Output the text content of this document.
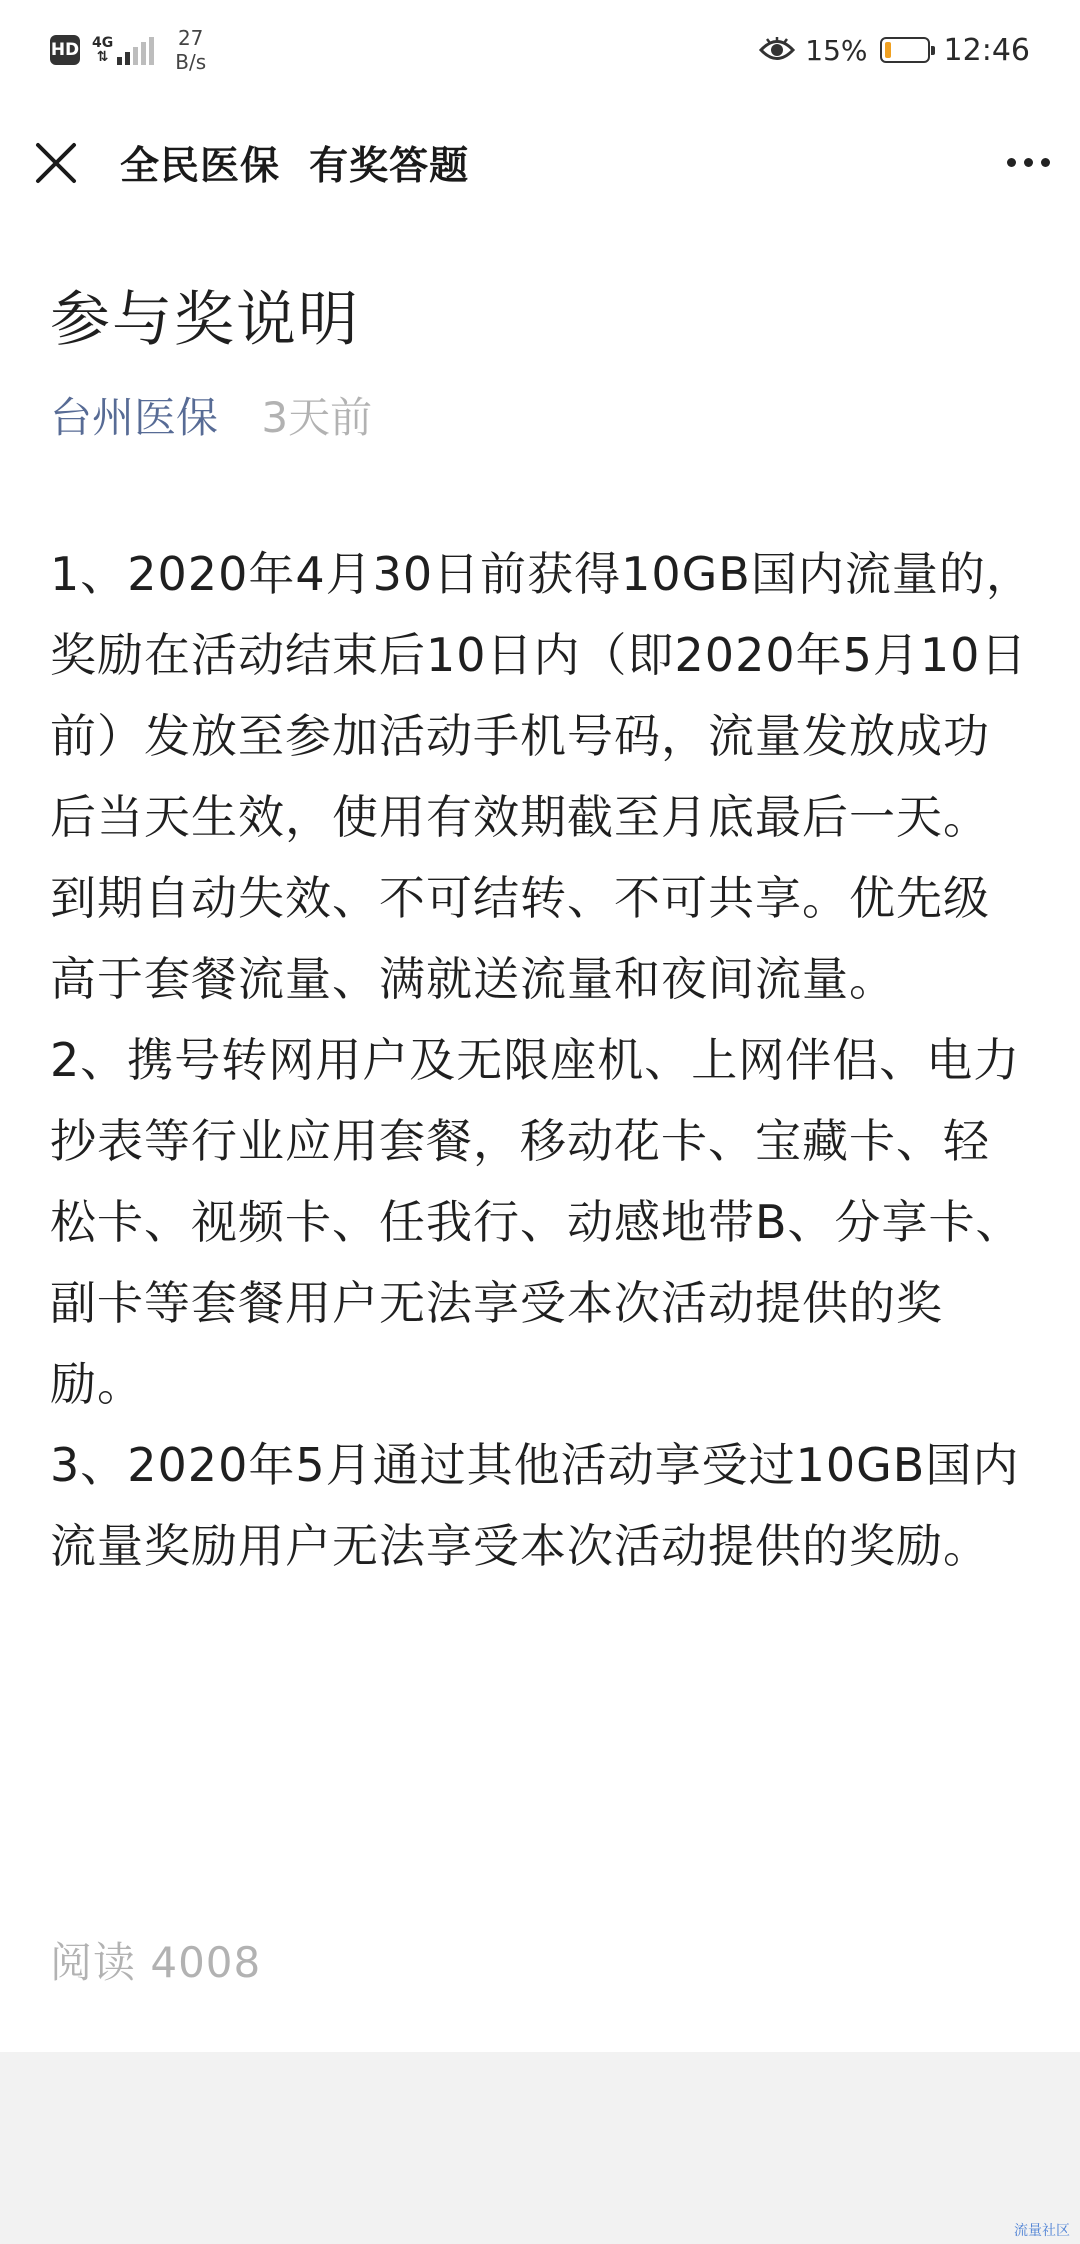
HD 4G
⇅
27
B/s	15%	12:46
全民医保  有奖答题
参与奖说明
台州医保 3天前

1、2020年4月30日前获得10GB国内流量的，奖励在活动结束后10日内（即2020年5月10日前）发放至参加活动手机号码，流量发放成功后当天生效，使用有效期截至月底最后一天。到期自动失效、不可结转、不可共享。优先级高于套餐流量、满就送流量和夜间流量。

2、携号转网用户及无限座机、上网伴侣、电力抄表等行业应用套餐，移动花卡、宝藏卡、轻松卡、视频卡、任我行、动感地带B、分享卡、副卡等套餐用户无法享受本次活动提供的奖励。

3、2020年5月通过其他活动享受过10GB国内流量奖励用户无法享受本次活动提供的奖励。

阅读 4008
流量社区
